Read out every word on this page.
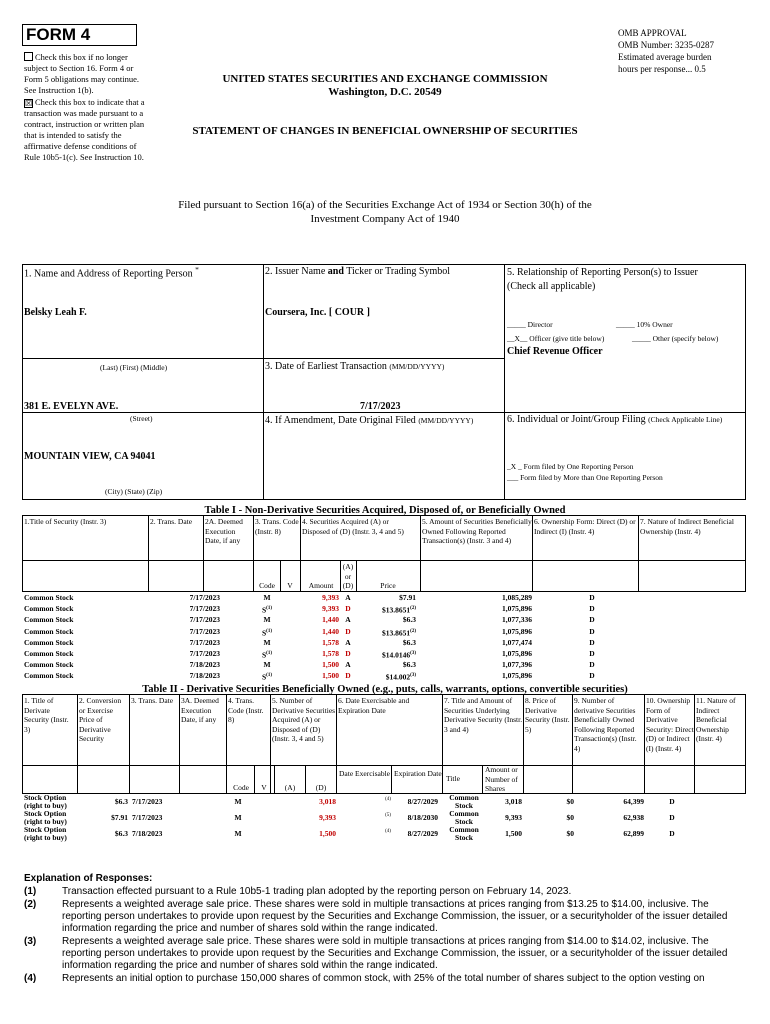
FORM 4
Check this box if no longer subject to Section 16. Form 4 or Form 5 obligations may continue. See Instruction 1(b).
☒ Check this box to indicate that a transaction was made pursuant to a contract, instruction or written plan that is intended to satisfy the affirmative defense conditions of Rule 10b5-1(c). See Instruction 10.
OMB APPROVAL
OMB Number: 3235-0287
Estimated average burden
hours per response... 0.5
UNITED STATES SECURITIES AND EXCHANGE COMMISSION
Washington, D.C. 20549
STATEMENT OF CHANGES IN BENEFICIAL OWNERSHIP OF SECURITIES
Filed pursuant to Section 16(a) of the Securities Exchange Act of 1934 or Section 30(h) of the
Investment Company Act of 1940
1. Name and Address of Reporting Person *
Belsky Leah F.
(Last) (First) (Middle)
381 E. EVELYN AVE.
(Street)
MOUNTAIN VIEW, CA 94041
(City) (State) (Zip)
2. Issuer Name and Ticker or Trading Symbol
Coursera, Inc. [ COUR ]
3. Date of Earliest Transaction (MM/DD/YYYY)
7/17/2023
4. If Amendment, Date Original Filed (MM/DD/YYYY)
5. Relationship of Reporting Person(s) to Issuer
(Check all applicable)
_____ Director	_____ 10% Owner
__X__ Officer (give title below)	_____ Other (specify below)
Chief Revenue Officer
6. Individual or Joint/Group Filing (Check Applicable Line)
_X _ Form filed by One Reporting Person
___ Form filed by More than One Reporting Person
Table I - Non-Derivative Securities Acquired, Disposed of, or Beneficially Owned
1.Title of Security (Instr. 3)	2. Trans. Date	2A. Deemed Execution Date, if any
3. Trans. Code (Instr. 8)
4. Securities Acquired (A) or Disposed of (D) (Instr. 3, 4 and 5)
5. Amount of Securities Beneficially Owned Following Reported Transaction(s) (Instr. 3 and 4)
6. Ownership Form: Direct (D) or Indirect (I) (Instr. 4)
7. Nature of Indirect Beneficial Ownership (Instr. 4)
Code	V	Amount
(A) or (D)	Price
Common Stock	7/17/2023	M	9,393 A	$7.91	1,085,289	D
Common Stock	7/17/2023	$S^{(1)}$	9,393 D	$13.8651$^{(2)}$	1,075,896	D
Common Stock	7/17/2023	M	1,440 A	$6.3	1,077,336	D
Common Stock	7/17/2023	$S^{(1)}$	1,440 D	$13.8651$^{(2)}$	1,075,896	D
Common Stock	7/17/2023	M	1,578 A	$6.3	1,077,474	D
Common Stock	7/17/2023	$S^{(1)}$	1,578 D	$14.0146$^{(3)}$	1,075,896	D
Common Stock	7/18/2023	M	1,500 A	$6.3	1,077,396	D
Common Stock	7/18/2023	$S^{(1)}$	1,500 D	$14.002$^{(3)}$	1,075,896	D
Table II - Derivative Securities Beneficially Owned (e.g., puts, calls, warrants, options, convertible securities)
1. Title of Derivate Security (Instr. 3)
2. Conversion or Exercise Price of Derivative Security
3. Trans. Date	3A. Deemed Execution Date, if any
4. Trans. Code (Instr. 8)
5. Number of Derivative Securities Acquired (A) or Disposed of (D) (Instr. 3, 4 and 5)
6. Date Exercisable and Expiration Date
7. Title and Amount of Securities Underlying Derivative Security (Instr. 3 and 4)
8. Price of Derivative Security (Instr. 5)
9. Number of derivative Securities Beneficially Owned Following Reported Transaction(s) (Instr. 4)
10. Ownership Form of Derivative Security: Direct (D) or Indirect (I) (Instr. 4)
11. Nature of Indirect Beneficial Ownership (Instr. 4)
Code	V	(A)	(D)
Date Exercisable Expiration Date
Title
Amount or Number of Shares
Stock Option (right to buy)	$6.3 7/17/2023	M	3,018	(4)	8/27/2029	Common Stock	3,018	$0	64,399	D
Stock Option (right to buy)	$7.91 7/17/2023	M	9,393	(5)	8/18/2030	Common Stock	9,393	$0	62,938	D
Stock Option (right to buy)	$6.3 7/18/2023	M	1,500	(4)	8/27/2029	Common Stock	1,500	$0	62,899	D
Explanation of Responses:
(1)	Transaction effected pursuant to a Rule 10b5-1 trading plan adopted by the reporting person on February 14, 2023.
(2)	Represents a weighted average sale price. These shares were sold in multiple transactions at prices ranging from $13.25 to $14.00, inclusive. The reporting person undertakes to provide upon request by the Securities and Exchange Commission, the issuer, or a securityholder of the issuer detailed information regarding the price and number of shares sold within the range indicated.
(3)	Represents a weighted average sale price. These shares were sold in multiple transactions at prices ranging from $14.00 to $14.02, inclusive. The reporting person undertakes to provide upon request by the Securities and Exchange Commission, the issuer, or a securityholder of the issuer detailed information regarding the price and number of shares sold within the range indicated.
(4)	Represents an initial option to purchase 150,000 shares of common stock, with 25% of the total number of shares subject to the option vesting on
